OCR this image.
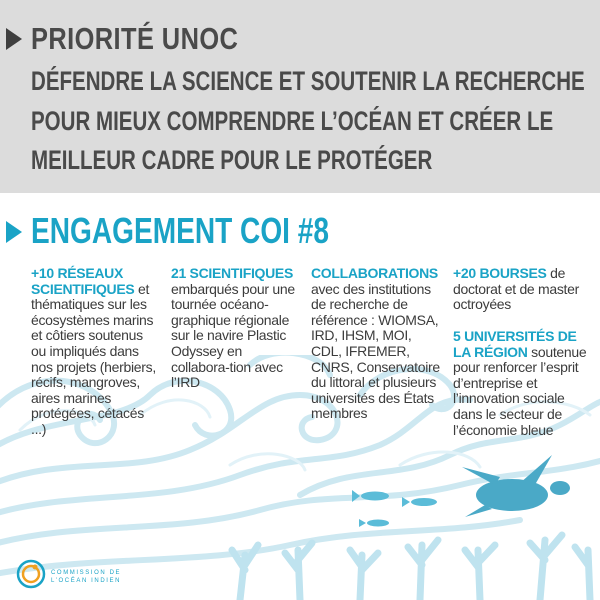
PRIORITÉ UNOC
DÉFENDRE LA SCIENCE ET SOUTENIR LA RECHERCHE
POUR MIEUX COMPRENDRE L’OCÉAN ET CRÉER LE
MEILLEUR CADRE POUR LE PROTÉGER
ENGAGEMENT COI #8
+10 RÉSEAUX SCIENTIFIQUES et thématiques sur les écosystèmes marins et côtiers soutenus ou impliqués dans nos projets (herbiers, récifs, mangroves, aires marines protégées, cétacés ...)
21 SCIENTIFIQUES embarqués pour une tournée océano-graphique régionale sur le navire Plastic Odyssey en collabora-tion avec l’IRD
COLLABORATIONS avec des institutions de recherche de référence : WIOMSA, IRD, IHSM, MOI, CDL, IFREMER, CNRS, Conservatoire du littoral et plusieurs universités des États membres
+20 BOURSES de doctorat et de master octroyées
5 UNIVERSITÉS DE LA RÉGION soutenue pour renforcer l’esprit d’entreprise et l’innovation sociale dans le secteur de l’économie bleue
COMMISSION DE
L’OCÉAN INDIEN
